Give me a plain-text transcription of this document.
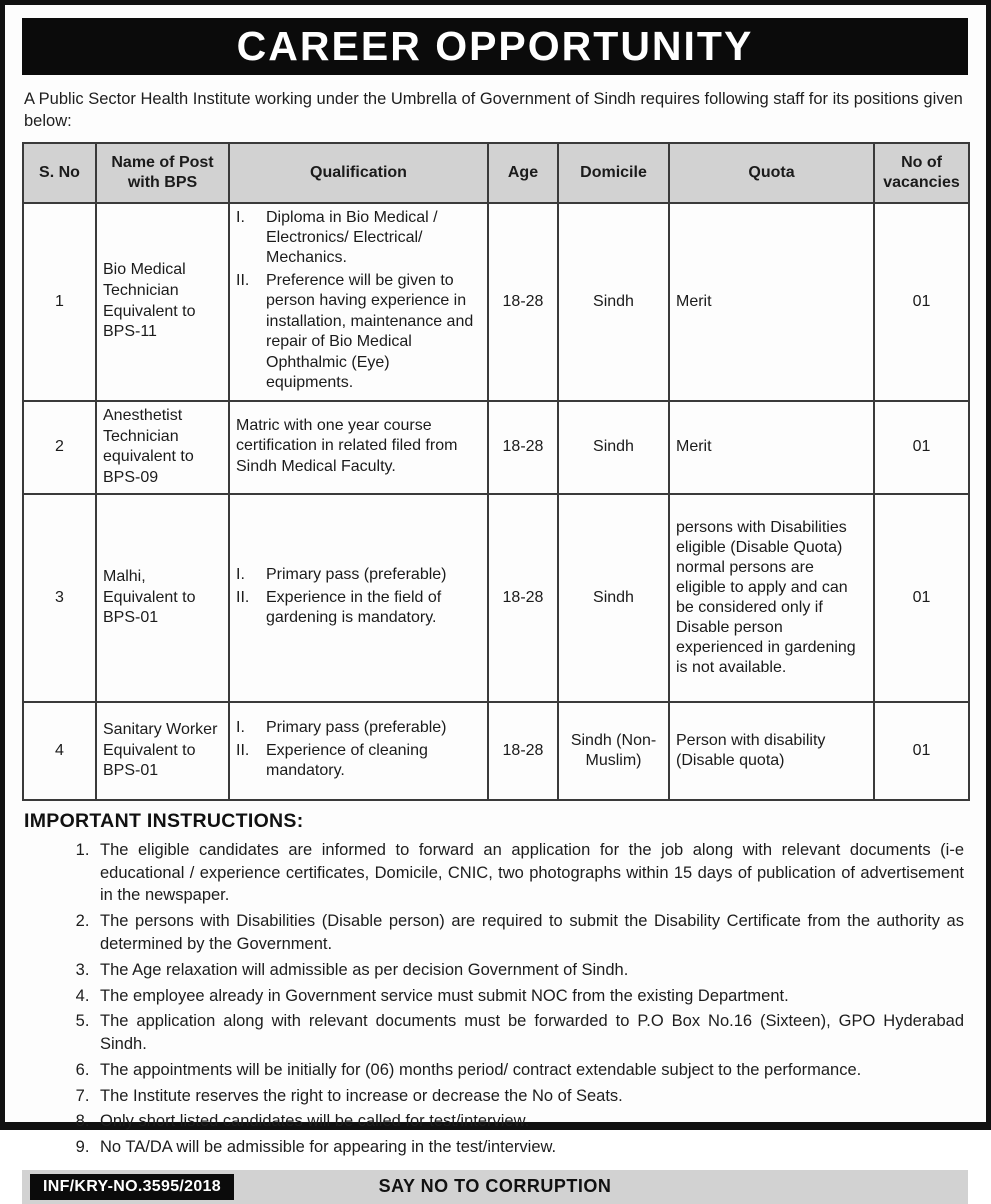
CAREER OPPORTUNITY

A Public Sector Health Institute working under the Umbrella of Government of Sindh requires following staff for its positions given below:

S. No	Name of Post with BPS	Qualification	Age	Domicile	Quota	No of vacancies
1	Bio Medical Technician Equivalent to BPS-11	I. Diploma in Bio Medical / Electronics/ Electrical/ Mechanics.
II. Preference will be given to person having experience in installation, maintenance and repair of Bio Medical Ophthalmic (Eye) equipments.	18-28	Sindh	Merit	01
2	Anesthetist Technician equivalent to BPS-09	Matric with one year course certification in related filed from Sindh Medical Faculty.	18-28	Sindh	Merit	01
3	Malhi, Equivalent to BPS-01	I. Primary pass (preferable)
II. Experience in the field of gardening is mandatory.	18-28	Sindh	persons with Disabilities eligible (Disable Quota) normal persons are eligible to apply and can be considered only if Disable person experienced in gardening is not available.	01
4	Sanitary Worker Equivalent to BPS-01	I. Primary pass (preferable)
II. Experience of cleaning mandatory.	18-28	Sindh (Non-Muslim)	Person with disability (Disable quota)	01
IMPORTANT INSTRUCTIONS:
1. The eligible candidates are informed to forward an application for the job along with relevant documents (i-e educational / experience certificates, Domicile, CNIC, two photographs within 15 days of publication of advertisement in the newspaper.
2. The persons with Disabilities (Disable person) are required to submit the Disability Certificate from the authority as determined by the Government.
3. The Age relaxation will admissible as per decision Government of Sindh.
4. The employee already in Government service must submit NOC from the existing Department.
5. The application along with relevant documents must be forwarded to P.O Box No.16 (Sixteen), GPO Hyderabad Sindh.
6. The appointments will be initially for (06) months period/ contract extendable subject to the performance.
7. The Institute reserves the right to increase or decrease the No of Seats.
8. Only short listed candidates will be called for test/interview.
9. No TA/DA will be admissible for appearing in the test/interview.
INF/KRY-NO.3595/2018	SAY NO TO CORRUPTION
